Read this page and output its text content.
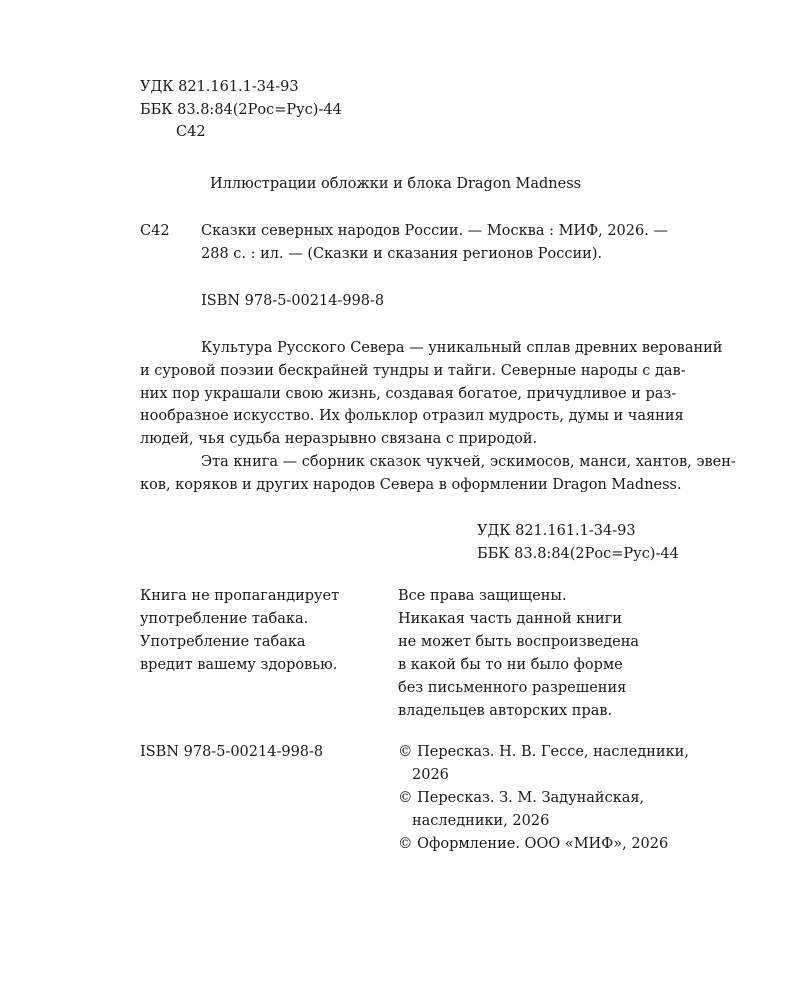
УДК 821.161.1-34-93
ББК 83.8:84(2Рос=Рус)-44
С42
Иллюстрации обложки и блока Dragon Madness
С42 Сказки северных народов России. — Москва : МИФ, 2026. —
288 с. : ил. — (Сказки и сказания регионов России).
ISBN 978-5-00214-998-8
Культура Русского Севера — уникальный сплав древних верований
и суровой поэзии бескрайней тундры и тайги. Северные народы с дав-
них пор украшали свою жизнь, создавая богатое, причудливое и раз-
нообразное искусство. Их фольклор отразил мудрость, думы и чаяния
людей, чья судьба неразрывно связана с природой.
Эта книга — сборник сказок чукчей, эскимосов, манси, хантов, эвен-
ков, коряков и других народов Севера в оформлении Dragon Madness.
УДК 821.161.1-34-93
ББК 83.8:84(2Рос=Рус)-44
Книга не пропагандирует
употребление табака.
Употребление табака
вредит вашему здоровью.
Все права защищены.
Никакая часть данной книги
не может быть воспроизведена
в какой бы то ни было форме
без письменного разрешения
владельцев авторских прав.
ISBN 978-5-00214-998-8	© Пересказ. Н. В. Гессе, наследники,
2026
© Пересказ. З. М. Задунайская,
наследники, 2026
© Оформление. ООО «МИФ», 2026
